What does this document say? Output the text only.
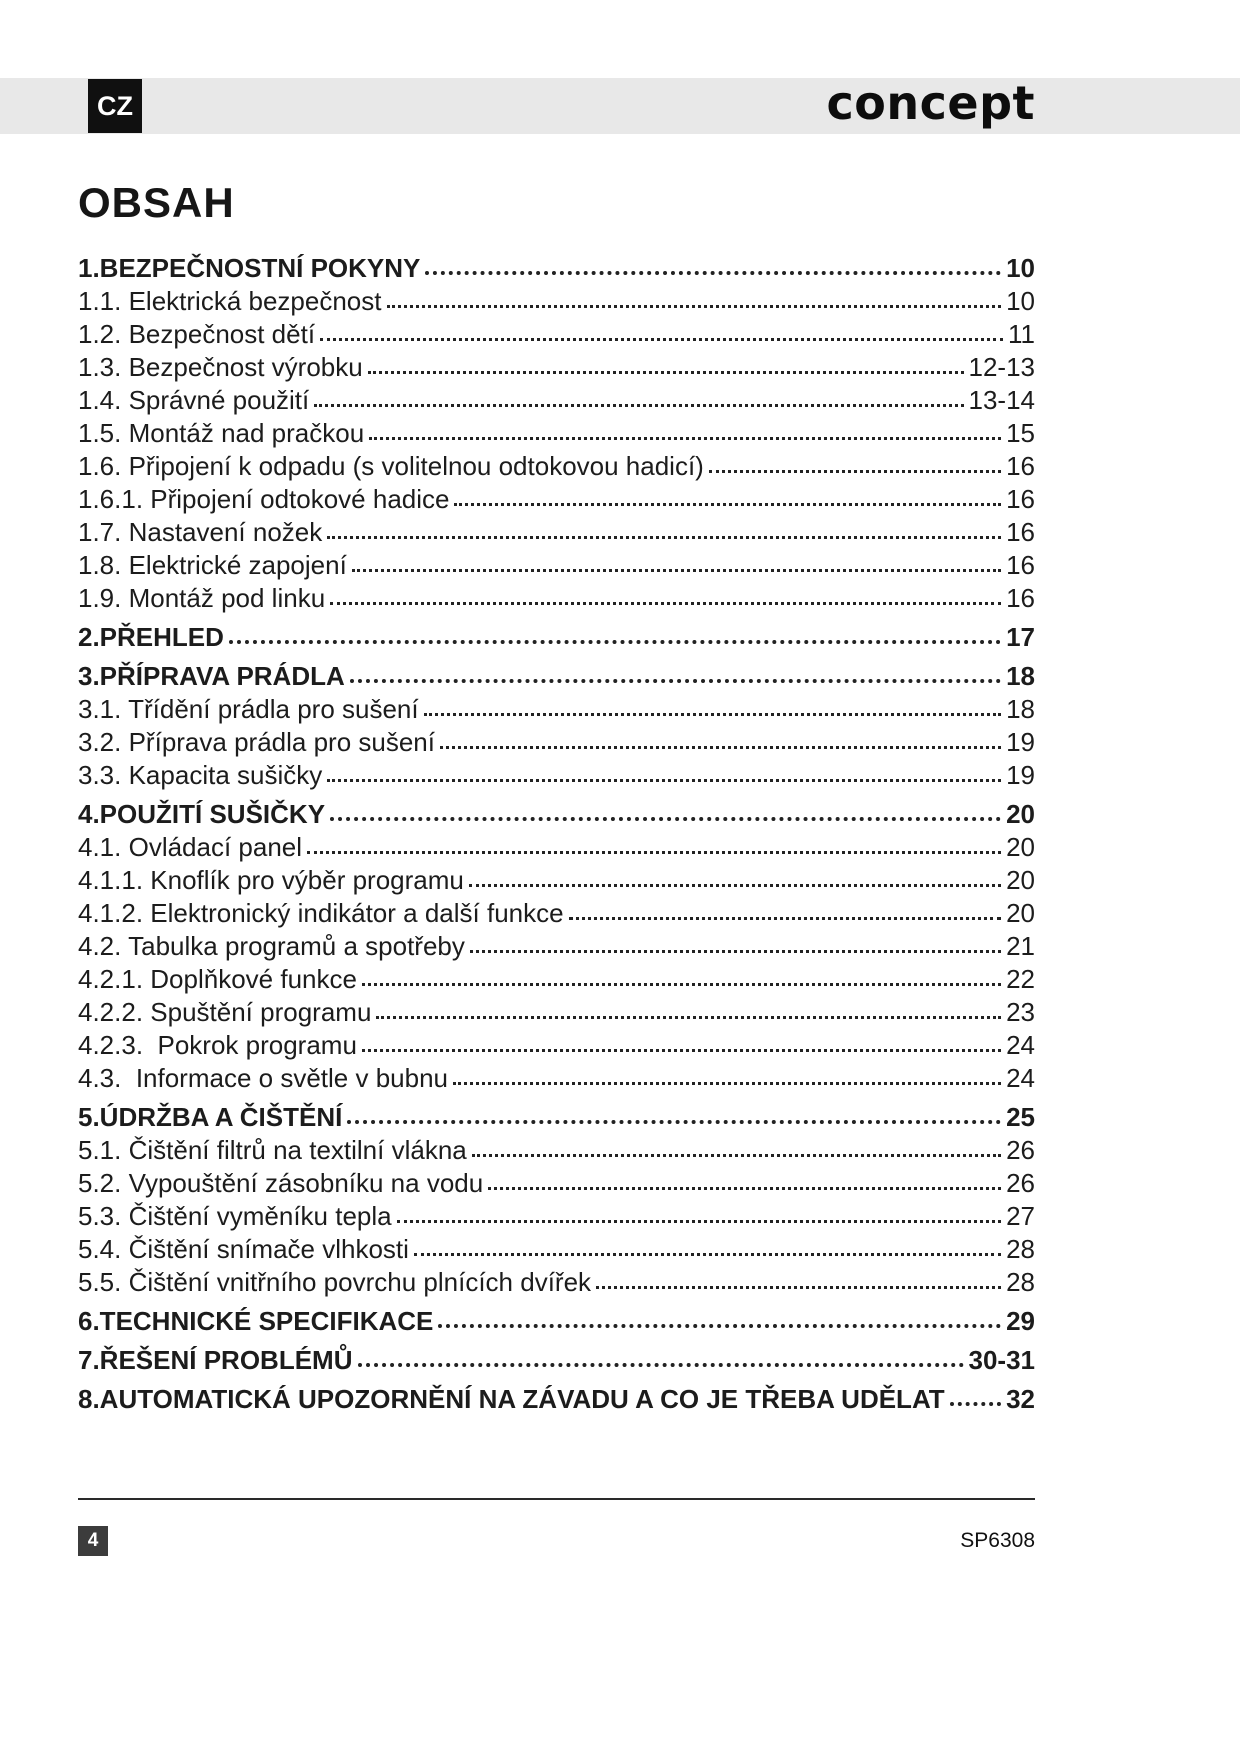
CZ	concept
OBSAH
1.BEZPEČNOSTNÍ POKYNY	10
1.1. Elektrická bezpečnost	10
1.2. Bezpečnost dětí	11
1.3. Bezpečnost výrobku	12-13
1.4. Správné použití	13-14
1.5. Montáž nad pračkou	15
1.6. Připojení k odpadu (s volitelnou odtokovou hadicí)	16
1.6.1. Připojení odtokové hadice	16
1.7. Nastavení nožek	16
1.8. Elektrické zapojení	16
1.9. Montáž pod linku	16
2.PŘEHLED	17
3.PŘÍPRAVA PRÁDLA	18
3.1. Třídění prádla pro sušení	18
3.2. Příprava prádla pro sušení	19
3.3. Kapacita sušičky	19
4.POUŽITÍ SUŠIČKY	20
4.1. Ovládací panel	20
4.1.1. Knoflík pro výběr programu	20
4.1.2. Elektronický indikátor a další funkce	20
4.2. Tabulka programů a spotřeby	21
4.2.1. Doplňkové funkce	22
4.2.2. Spuštění programu	23
4.2.3.  Pokrok programu	24
4.3.  Informace o světle v bubnu	24
5.ÚDRŽBA A ČIŠTĚNÍ	25
5.1. Čištění filtrů na textilní vlákna	26
5.2. Vypouštění zásobníku na vodu	26
5.3. Čištění vyměníku tepla	27
5.4. Čištění snímače vlhkosti	28
5.5. Čištění vnitřního povrchu plnících dvířek	28
6.TECHNICKÉ SPECIFIKACE	29
7.ŘEŠENÍ PROBLÉMŮ	30-31
8.AUTOMATICKÁ UPOZORNĚNÍ NA ZÁVADU A CO JE TŘEBA UDĚLAT 32
4	SP6308
